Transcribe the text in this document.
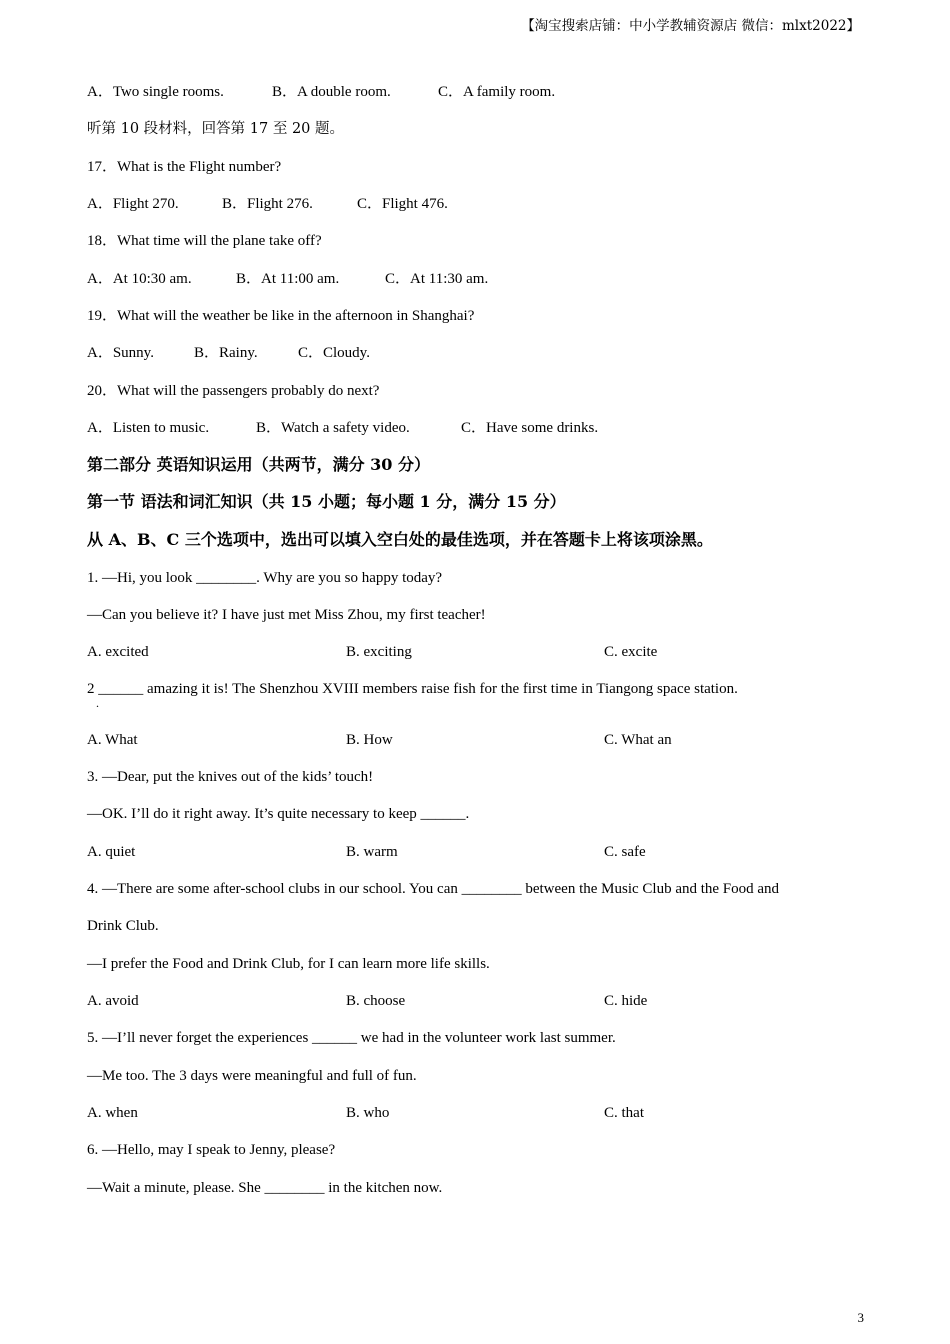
【淘宝搜索店铺：中小学教辅资源店 微信：mlxt2022】
A．Two single rooms.	B．A double room.	C．A family room.
听第 10 段材料，回答第 17 至 20 题。
17．What is the Flight number?
A．Flight 270.	B．Flight 276.	C．Flight 476.
18．What time will the plane take off?
A．At 10:30 am.	B．At 11:00 am.	C．At 11:30 am.
19．What will the weather be like in the afternoon in Shanghai?
A．Sunny.	B．Rainy.	C．Cloudy.
20．What will the passengers probably do next?
A．Listen to music.	B．Watch a safety video.	C．Have some drinks.
第二部分 英语知识运用（共两节，满分 30 分）
第一节 语法和词汇知识（共 15 小题；每小题 1 分，满分 15 分）
从 A、B、C 三个选项中，选出可以填入空白处的最佳选项，并在答题卡上将该项涂黑。
1. —Hi, you look ________. Why are you so happy today?
—Can you believe it? I have just met Miss Zhou, my first teacher!
A. excited	B. exciting	C. excite
2 ______ amazing it is! The Shenzhou XVIII members raise fish for the first time in Tiangong space station.
.
A. What	B. How	C. What an
3. —Dear, put the knives out of the kids’ touch!
—OK. I’ll do it right away. It’s quite necessary to keep ______.
A. quiet	B. warm	C. safe
4. —There are some after-school clubs in our school. You can ________ between the Music Club and the Food and
Drink Club.
—I prefer the Food and Drink Club, for I can learn more life skills.
A. avoid	B. choose	C. hide
5. —I’ll never forget the experiences ______ we had in the volunteer work last summer.
—Me too. The 3 days were meaningful and full of fun.
A. when	B. who	C. that
6. —Hello, may I speak to Jenny, please?
—Wait a minute, please. She ________ in the kitchen now.
3
